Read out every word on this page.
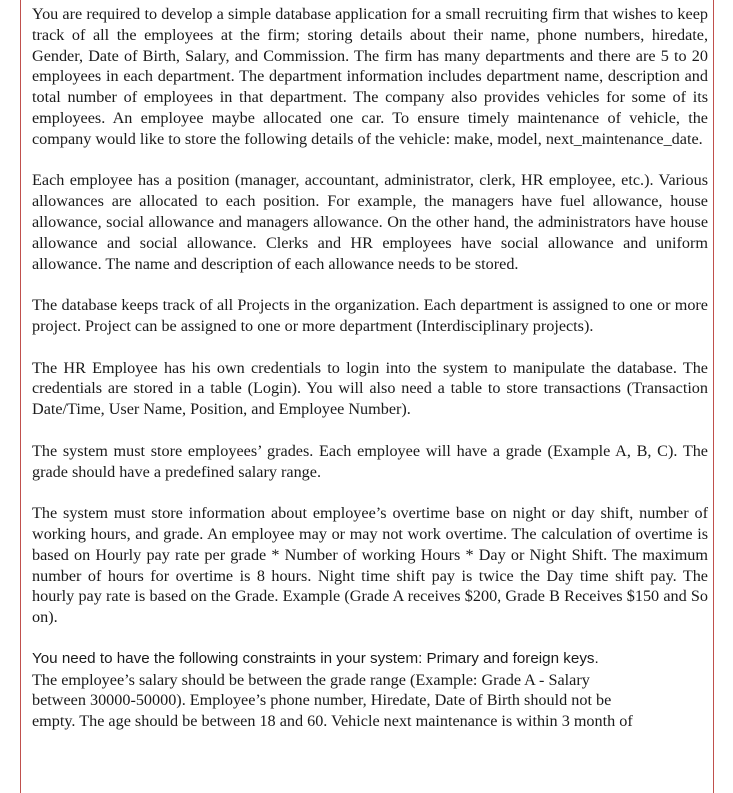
You are required to develop a simple database application for a small recruiting firm that wishes to keep track of all the employees at the firm; storing details about their name, phone numbers, hiredate, Gender, Date of Birth, Salary, and Commission. The firm has many departments and there are 5 to 20 employees in each department. The department information includes department name, description and total number of employees in that department. The company also provides vehicles for some of its employees. An employee maybe allocated one car. To ensure timely maintenance of vehicle, the company would like to store the following details of the vehicle: make, model, next_maintenance_date.

Each employee has a position (manager, accountant, administrator, clerk, HR employee, etc.). Various allowances are allocated to each position. For example, the managers have fuel allowance, house allowance, social allowance and managers allowance. On the other hand, the administrators have house allowance and social allowance. Clerks and HR employees have social allowance and uniform allowance. The name and description of each allowance needs to be stored.

The database keeps track of all Projects in the organization. Each department is assigned to one or more project. Project can be assigned to one or more department (Interdisciplinary projects).

The HR Employee has his own credentials to login into the system to manipulate the database. The credentials are stored in a table (Login). You will also need a table to store transactions (Transaction Date/Time, User Name, Position, and Employee Number).

The system must store employees’ grades. Each employee will have a grade (Example A, B, C). The grade should have a predefined salary range.

The system must store information about employee’s overtime base on night or day shift, number of working hours, and grade. An employee may or may not work overtime. The calculation of overtime is based on Hourly pay rate per grade * Number of working Hours * Day or Night Shift. The maximum number of hours for overtime is 8 hours. Night time shift pay is twice the Day time shift pay. The hourly pay rate is based on the Grade. Example (Grade A receives $200, Grade B Receives $150 and So on).

You need to have the following constraints in your system: Primary and foreign keys.
The employee’s salary should be between the grade range (Example: Grade A - Salary
between 30000-50000). Employee’s phone number, Hiredate, Date of Birth should not be
empty. The age should be between 18 and 60. Vehicle next maintenance is within 3 month of
